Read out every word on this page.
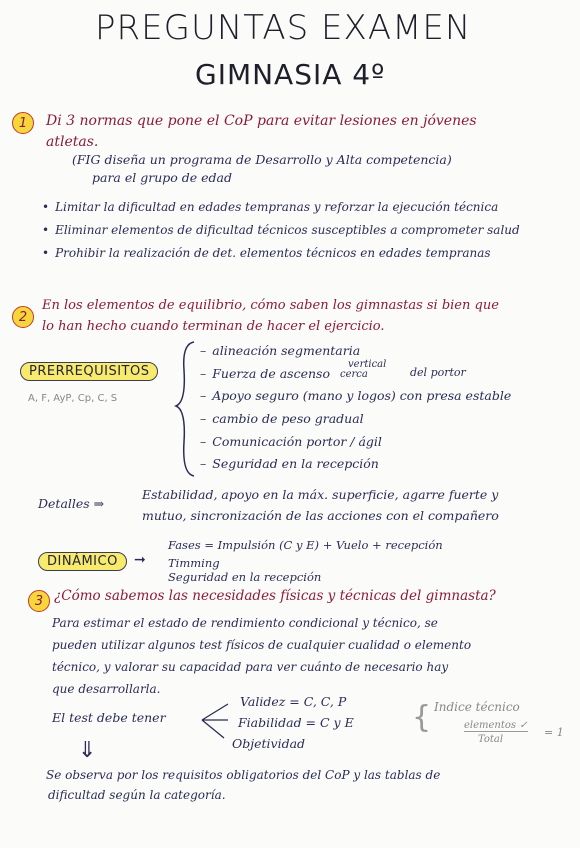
PREGUNTAS EXAMEN
GIMNASIA 4º
1	Di 3 normas que pone el CoP para evitar lesiones en jóvenes
atletas.
(FIG diseña un programa de Desarrollo y Alta competencia)
para el grupo de edad
• Limitar la dificultad en edades tempranas y reforzar la ejecución técnica
• Eliminar elementos de dificultad técnicos susceptibles a comprometer salud
• Prohibir la realización de det. elementos técnicos en edades tempranas
2
En los elementos de equilibrio, cómo saben los gimnastas si bien que
lo han hecho cuando terminan de hacer el ejercicio.
PRERREQUISITOS
A, F, AyP, Cp, C, S
– alineación segmentaria
– Fuerza de ascenso
vertical
cerca	del portor
– Apoyo seguro (mano y logos) con presa estable
– cambio de peso gradual
– Comunicación portor / ágil
– Seguridad en la recepción
Detalles ⇒
Estabilidad, apoyo en la máx. superficie, agarre fuerte y
mutuo, sincronización de las acciones con el compañero
DINÁMICO	➞
Fases = Impulsión (C y E) + Vuelo + recepción
Timming
Seguridad en la recepción
3 ¿Cómo sabemos las necesidades físicas y técnicas del gimnasta?
Para estimar el estado de rendimiento condicional y técnico, se
pueden utilizar algunos test físicos de cualquier cualidad o elemento
técnico, y valorar su capacidad para ver cuánto de necesario hay
que desarrollarla.
El test debe tener
Validez = C, C, P
Fiabilidad = C y E
Objetividad
{ Indice técnico
elementos ✓
Total
= 1
⇓
Se observa por los requisitos obligatorios del CoP y las tablas de
dificultad según la categoría.
